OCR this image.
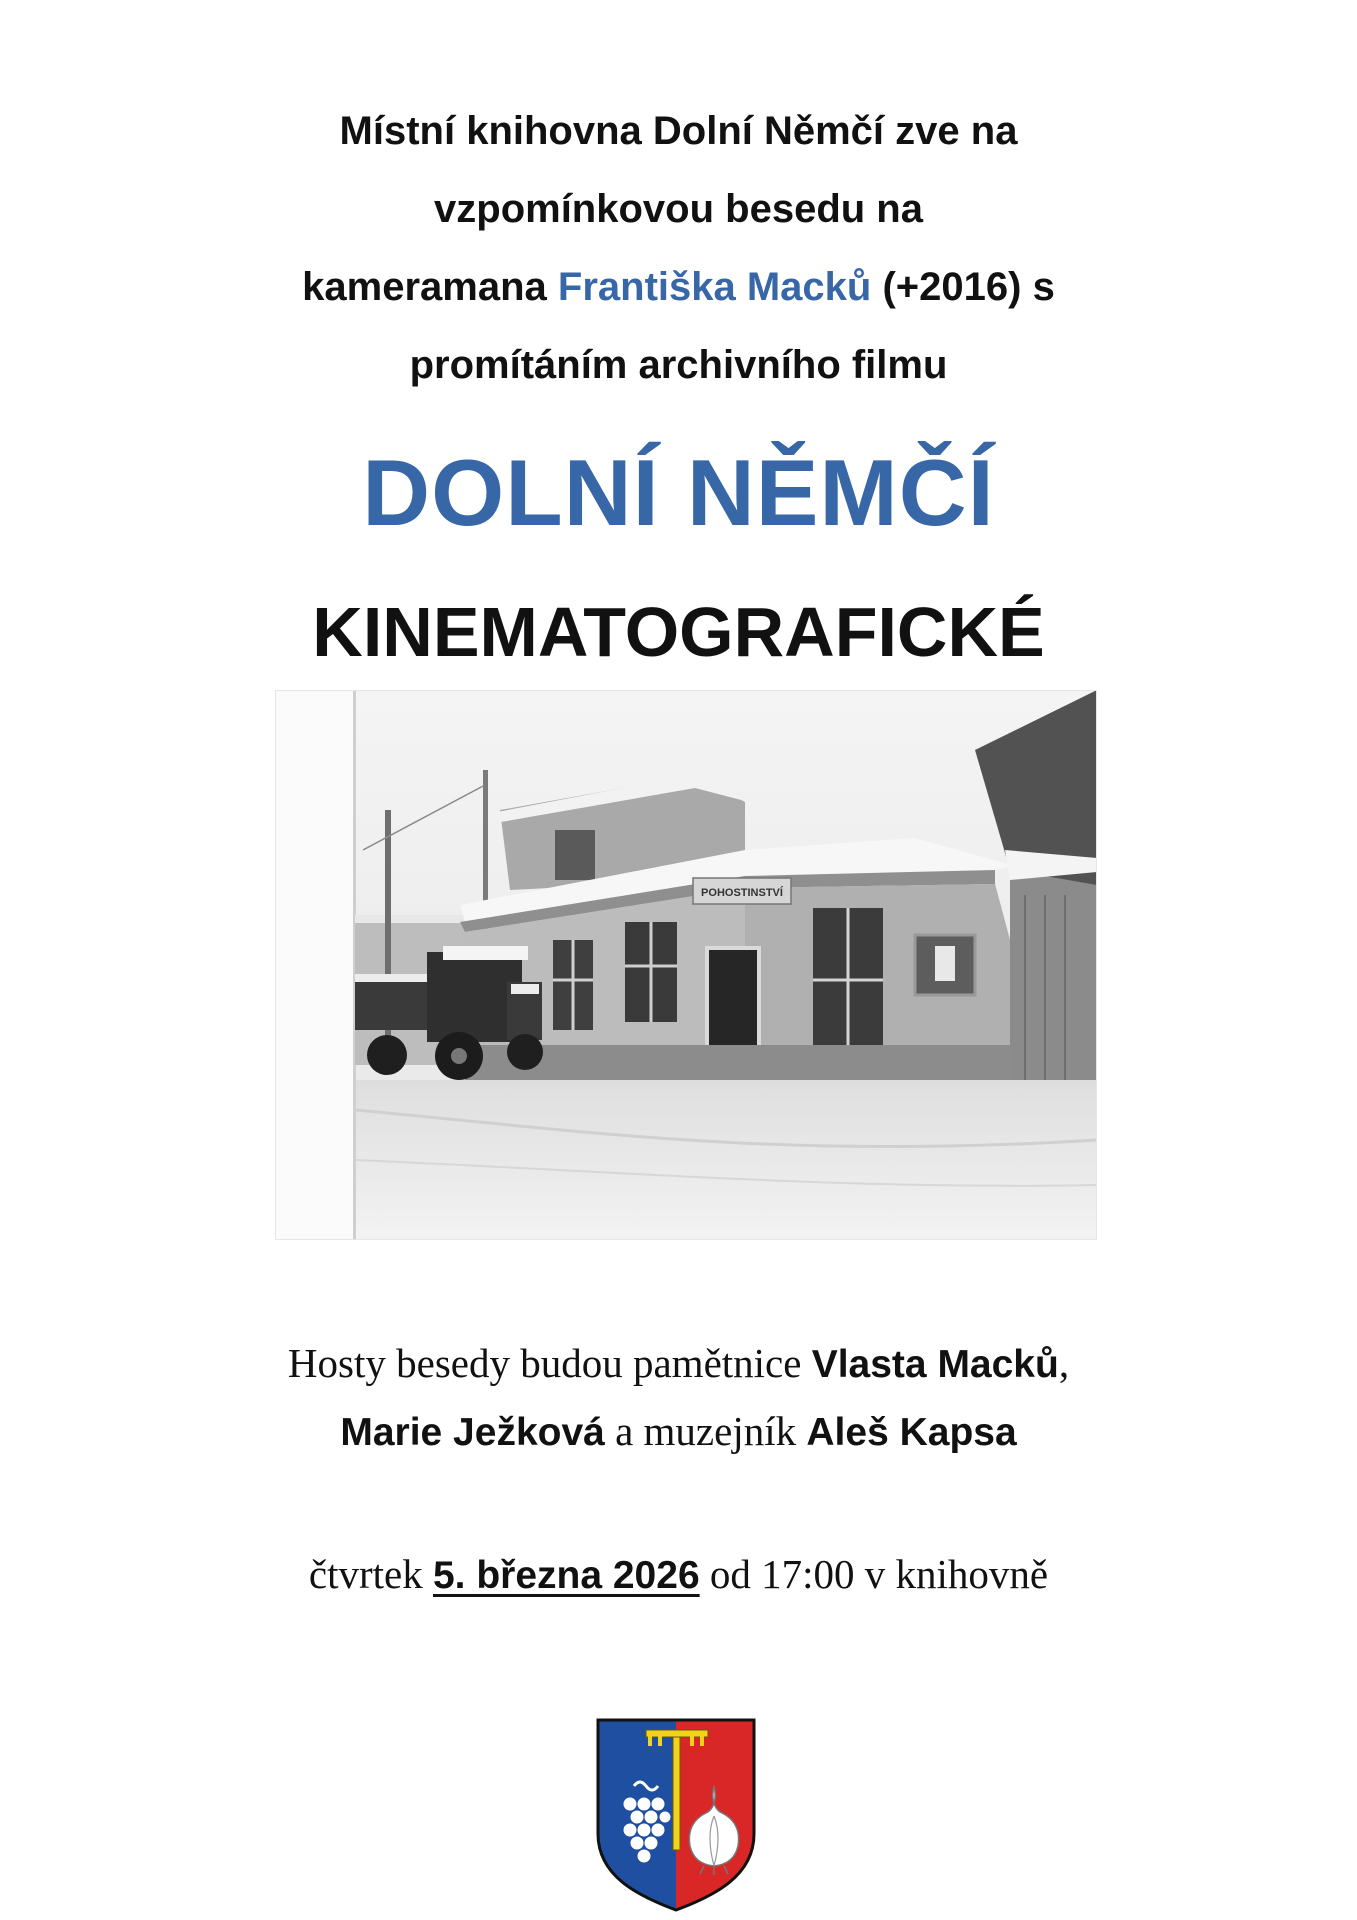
Místní knihovna Dolní Němčí zve na
vzpomínkovou besedu na
kameramana Františka Macků (+2016) s
promítáním archivního filmu
DOLNÍ NĚMČÍ
KINEMATOGRAFICKÉ
POHOSTINSTVÍ
Hosty besedy budou pamětnice Vlasta Macků,
Marie Ježková a muzejník Aleš Kapsa
čtvrtek 5. března 2026 od 17:00 v knihovně
